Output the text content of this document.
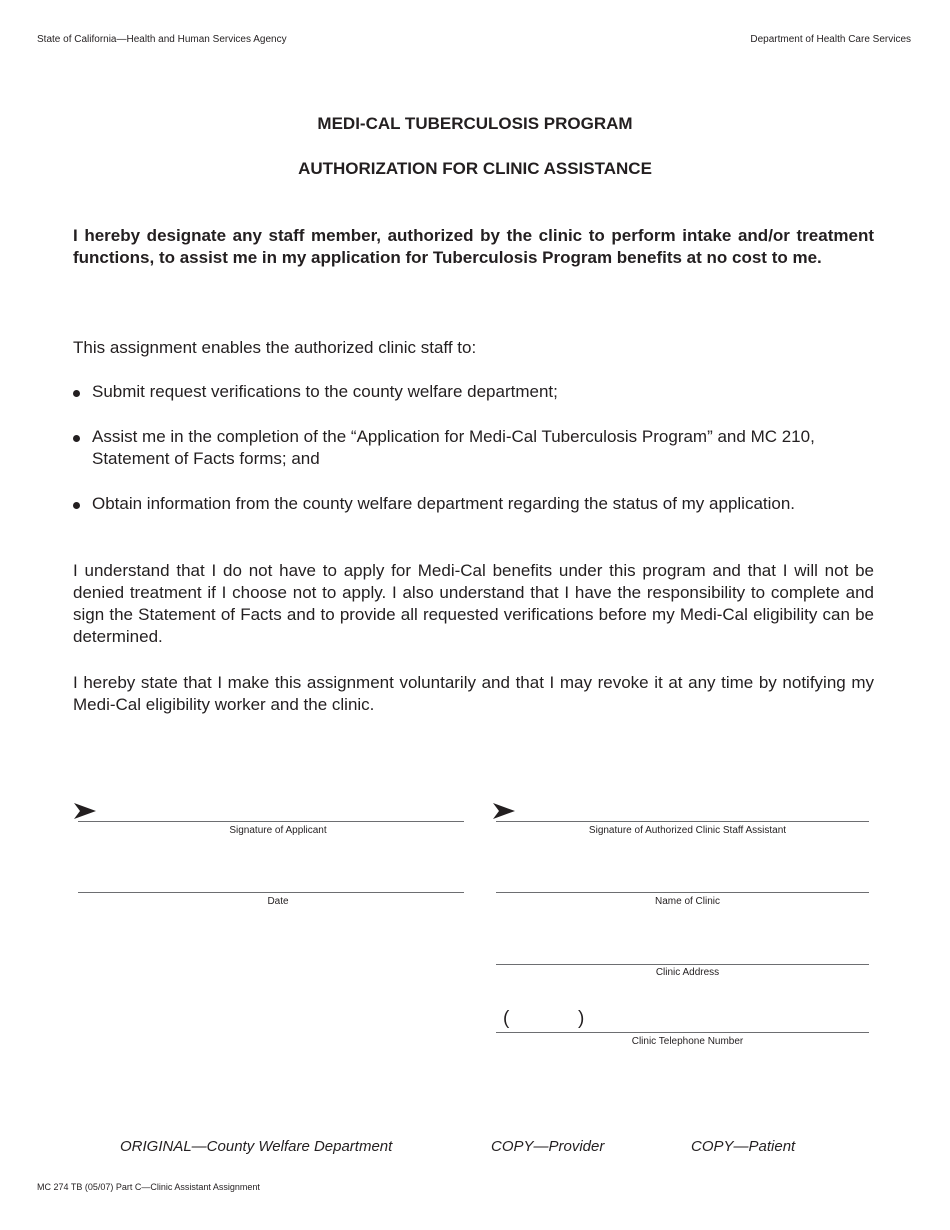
State of California—Health and Human Services Agency	Department of Health Care Services
MEDI-CAL TUBERCULOSIS PROGRAM
AUTHORIZATION FOR CLINIC ASSISTANCE
I hereby designate any staff member, authorized by the clinic to perform intake and/or treatment functions, to assist me in my application for Tuberculosis Program benefits at no cost to me.
This assignment enables the authorized clinic staff to:
Submit request verifications to the county welfare department;
Assist me in the completion of the “Application for Medi-Cal Tuberculosis Program” and MC 210, Statement of Facts forms; and
Obtain information from the county welfare department regarding the status of my application.
I understand that I do not have to apply for Medi-Cal benefits under this program and that I will not be denied treatment if I choose not to apply. I also understand that I have the responsibility to complete and sign the Statement of Facts and to provide all requested verifications before my Medi-Cal eligibility can be determined.
I hereby state that I make this assignment voluntarily and that I may revoke it at any time by notifying my Medi-Cal eligibility worker and the clinic.
Signature of Applicant
Date
Signature of Authorized Clinic Staff Assistant
Name of Clinic
Clinic Address
(	)
Clinic Telephone Number
ORIGINAL—County Welfare Department	COPY—Provider	COPY—Patient
MC 274 TB (05/07) Part C—Clinic Assistant Assignment
